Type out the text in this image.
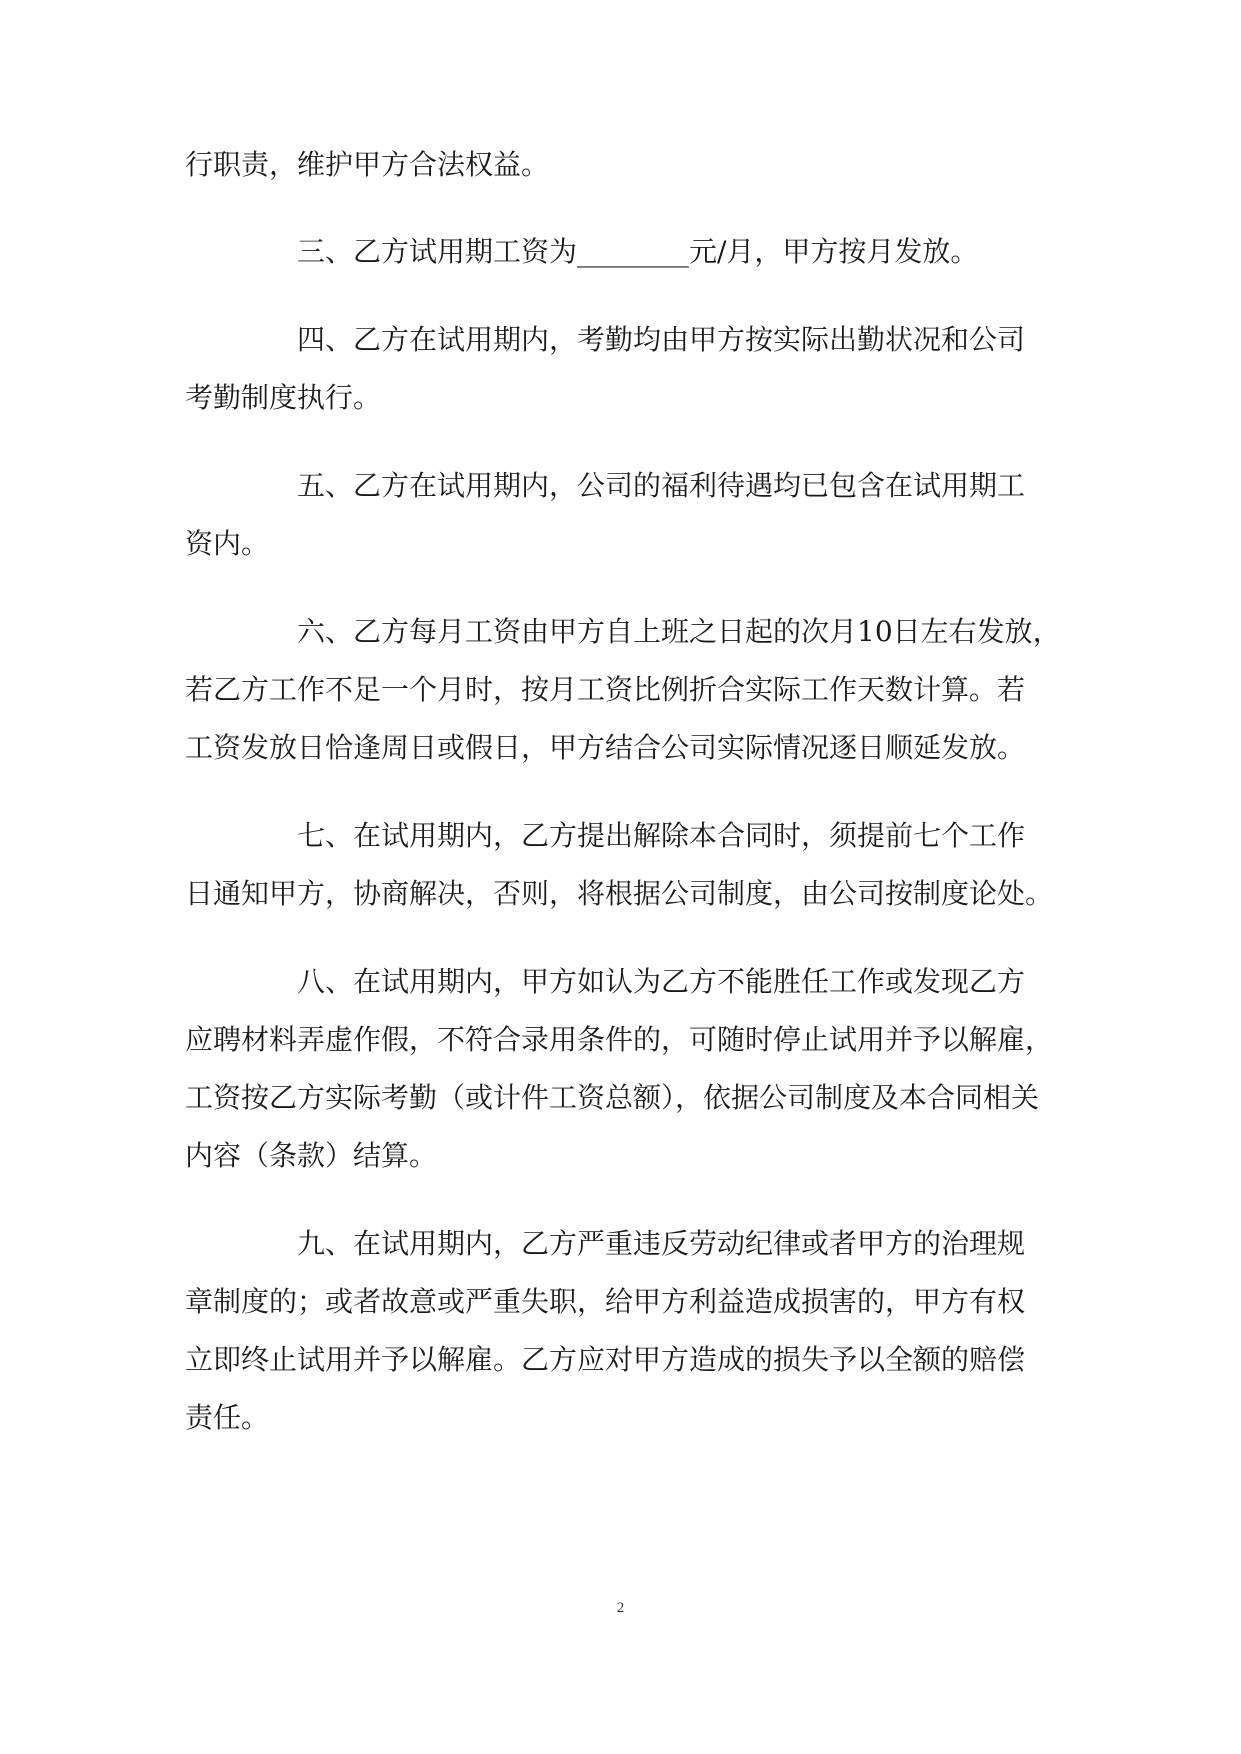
行职责，维护甲方合法权益。
三、乙方试用期工资为________元/月，甲方按月发放。
四、乙方在试用期内，考勤均由甲方按实际出勤状况和公司
考勤制度执行。
五、乙方在试用期内，公司的福利待遇均已包含在试用期工
资内。
六、乙方每月工资由甲方自上班之日起的次月10日左右发放，
若乙方工作不足一个月时，按月工资比例折合实际工作天数计算。若
工资发放日恰逢周日或假日，甲方结合公司实际情况逐日顺延发放。
七、在试用期内，乙方提出解除本合同时，须提前七个工作
日通知甲方，协商解决，否则，将根据公司制度，由公司按制度论处。
八、在试用期内，甲方如认为乙方不能胜任工作或发现乙方
应聘材料弄虚作假，不符合录用条件的，可随时停止试用并予以解雇，
工资按乙方实际考勤（或计件工资总额），依据公司制度及本合同相关
内容（条款）结算。
九、在试用期内，乙方严重违反劳动纪律或者甲方的治理规
章制度的；或者故意或严重失职，给甲方利益造成损害的，甲方有权
立即终止试用并予以解雇。乙方应对甲方造成的损失予以全额的赔偿
责任。
2
